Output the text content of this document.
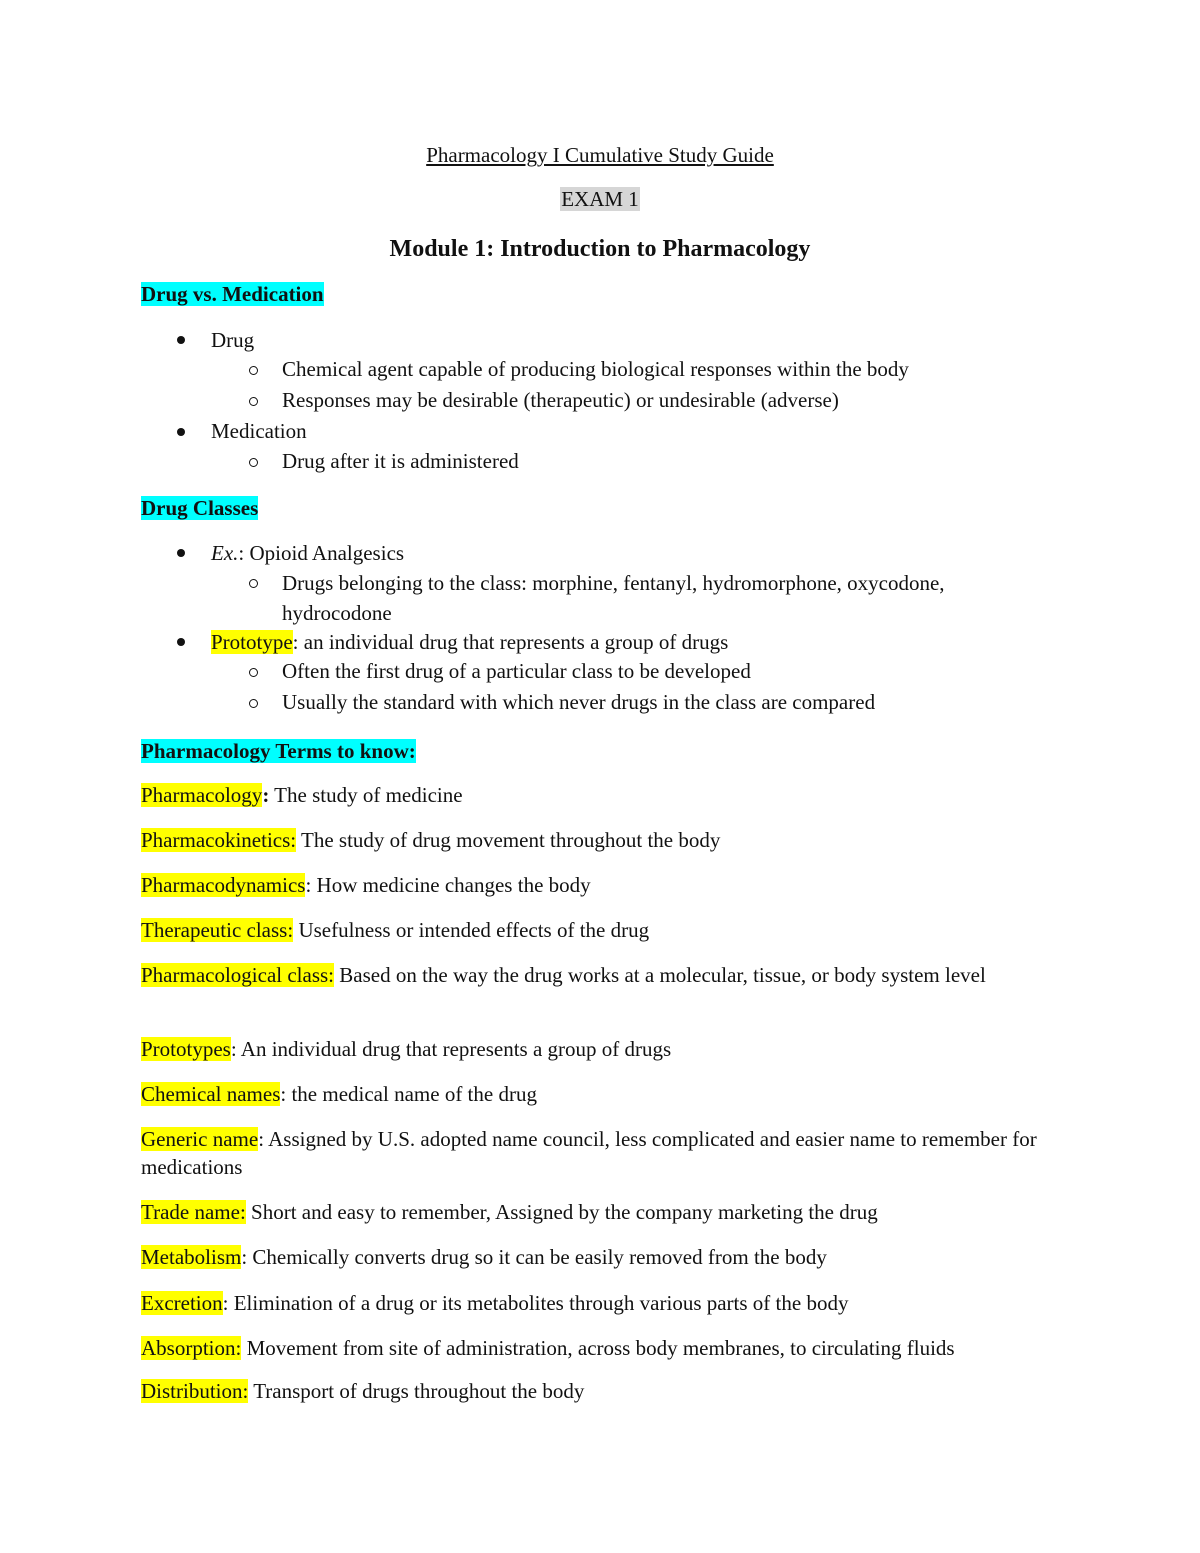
Pharmacology I Cumulative Study Guide
EXAM 1
Module 1: Introduction to Pharmacology
Drug vs. Medication
Drug
Chemical agent capable of producing biological responses within the body
Responses may be desirable (therapeutic) or undesirable (adverse)
Medication
Drug after it is administered
Drug Classes
Ex.: Opioid Analgesics
Drugs belonging to the class: morphine, fentanyl, hydromorphone, oxycodone,
hydrocodone
Prototype: an individual drug that represents a group of drugs
Often the first drug of a particular class to be developed
Usually the standard with which never drugs in the class are compared
Pharmacology Terms to know:
Pharmacology: The study of medicine
Pharmacokinetics: The study of drug movement throughout the body
Pharmacodynamics: How medicine changes the body
Therapeutic class: Usefulness or intended effects of the drug
Pharmacological class: Based on the way the drug works at a molecular, tissue, or body system level
Prototypes: An individual drug that represents a group of drugs
Chemical names: the medical name of the drug
Generic name: Assigned by U.S. adopted name council, less complicated and easier name to remember for medications
Trade name: Short and easy to remember, Assigned by the company marketing the drug
Metabolism: Chemically converts drug so it can be easily removed from the body
Excretion: Elimination of a drug or its metabolites through various parts of the body
Absorption: Movement from site of administration, across body membranes, to circulating fluids
Distribution: Transport of drugs throughout the body
